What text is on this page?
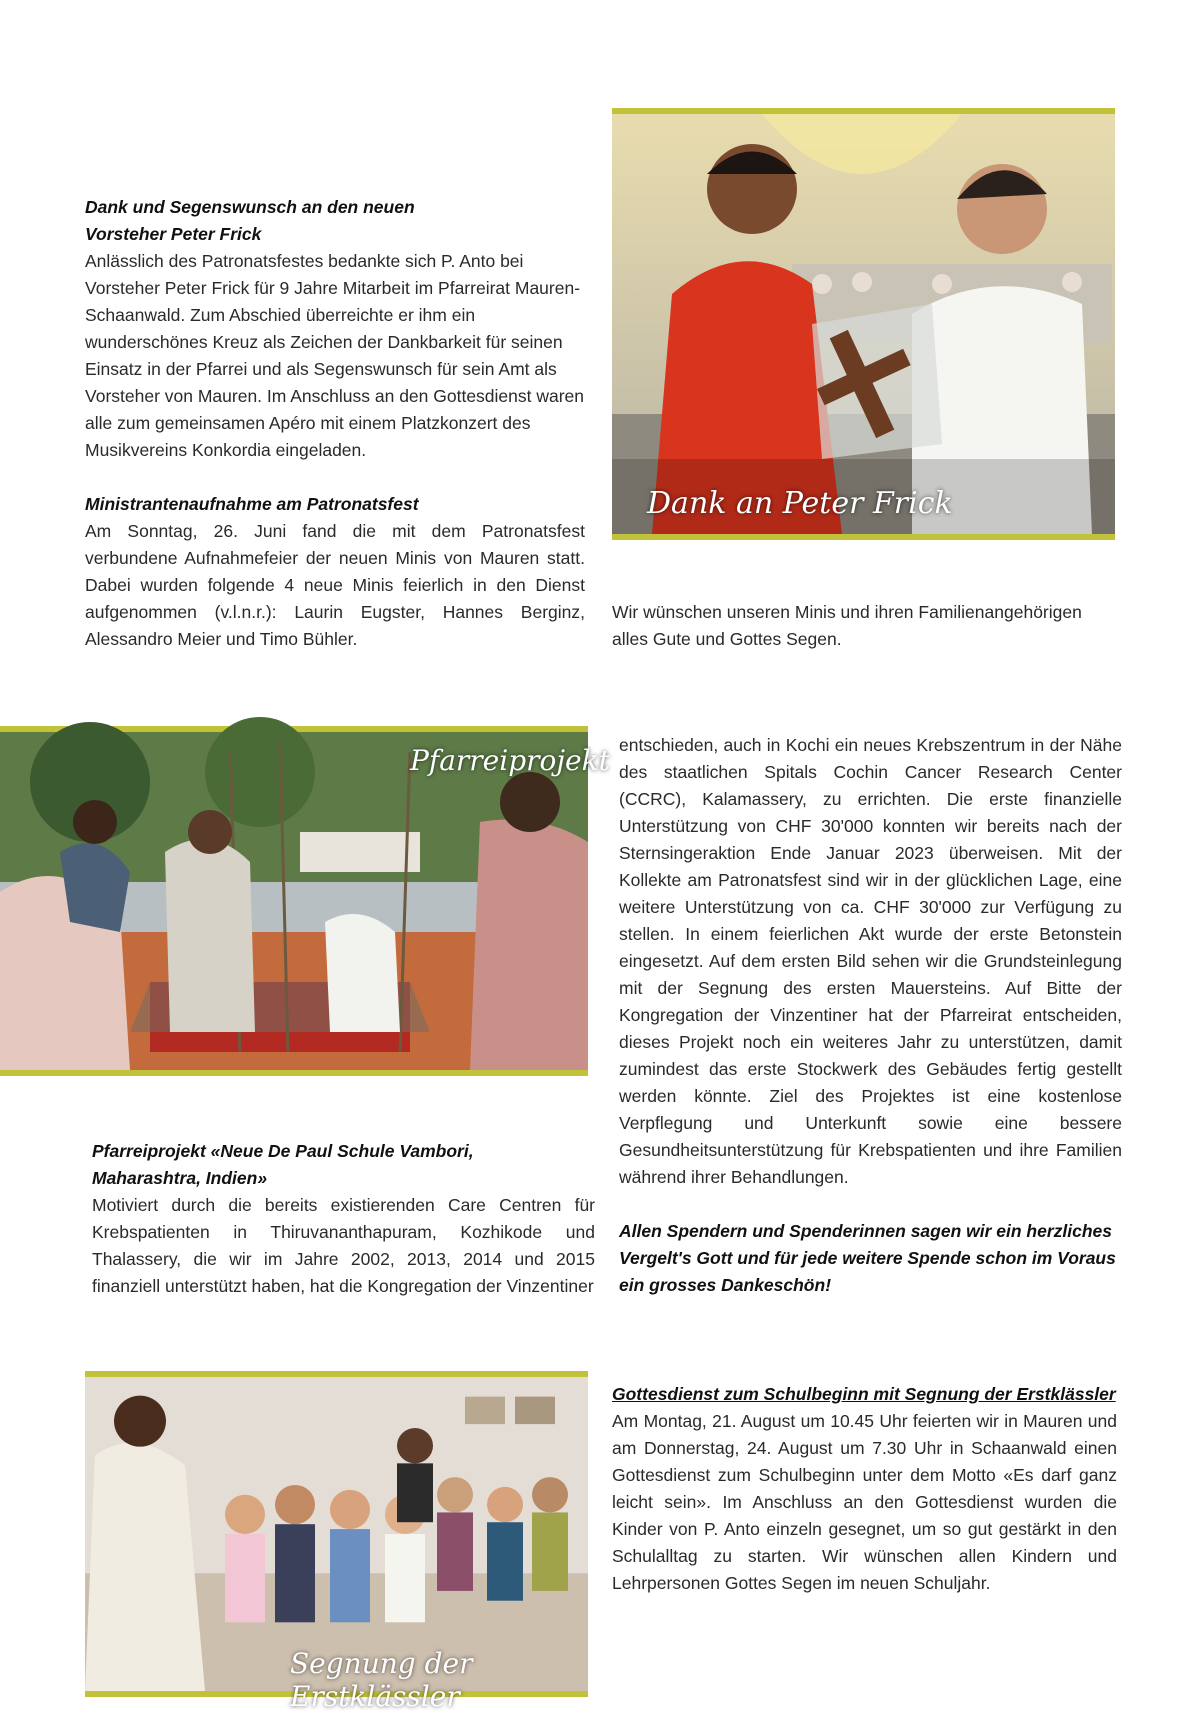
Dank und Segenswunsch an den neuen
Vorsteher Peter Frick

Anlässlich des Patronatsfestes bedankte sich P. Anto bei Vorsteher Peter Frick für 9 Jahre Mitarbeit im Pfarreirat Mauren-Schaanwald. Zum Abschied überreichte er ihm ein wunderschönes Kreuz als Zeichen der Dankbarkeit für seinen Einsatz in der Pfarrei und als Segenswunsch für sein Amt als Vorsteher von Mauren. Im Anschluss an den Gottesdienst waren alle zum gemeinsamen Apéro mit einem Platzkonzert des Musikvereins Konkordia eingeladen.

Ministrantenaufnahme am Patronatsfest

Am Sonntag, 26. Juni fand die mit dem Patronatsfest verbundene Aufnahmefeier der neuen Minis von Mauren statt. Dabei wurden folgende 4 neue Minis feierlich in den Dienst aufgenommen (v.l.n.r.): Laurin Eugster, Hannes Berginz, Alessandro Meier und Timo Bühler.

Dank an Peter Frick

Wir wünschen unseren Minis und ihren Familienangehörigen alles Gute und Gottes Segen.

Pfarreiprojekt
Pfarreiprojekt «Neue De Paul Schule Vambori,
Maharashtra, Indien»

Motiviert durch die bereits existierenden Care Centren für Krebspatienten in Thiruvananthapuram, Kozhikode und Thalassery, die wir im Jahre 2002, 2013, 2014 und 2015 finanziell unterstützt haben, hat die Kongregation der Vinzentiner

entschieden, auch in Kochi ein neues Krebszentrum in der Nähe des staatlichen Spitals Cochin Cancer Research Center (CCRC), Kalamassery, zu errichten. Die erste finanzielle Unterstützung von CHF 30'000 konnten wir bereits nach der Sternsingeraktion Ende Januar 2023 überweisen. Mit der Kollekte am Patronatsfest sind wir in der glücklichen Lage, eine weitere Unterstützung von ca. CHF 30'000 zur Verfügung zu stellen. In einem feierlichen Akt wurde der erste Betonstein eingesetzt. Auf dem ersten Bild sehen wir die Grundsteinlegung mit der Segnung des ersten Mauersteins. Auf Bitte der Kongregation der Vinzentiner hat der Pfarreirat entscheiden, dieses Projekt noch ein weiteres Jahr zu unterstützen, damit zumindest das erste Stockwerk des Gebäudes fertig gestellt werden könnte. Ziel des Projektes ist eine kostenlose Verpflegung und Unterkunft sowie eine bessere Gesundheitsunterstützung für Krebspatienten und ihre Familien während ihrer Behandlungen.

Allen Spendern und Spenderinnen sagen wir ein herzliches Vergelt's Gott und für jede weitere Spende schon im Voraus ein grosses Dankeschön!

Segnung der Erstklässler
Gottesdienst zum Schulbeginn mit Segnung der Erstklässler

Am Montag, 21. August um 10.45 Uhr feierten wir in Mauren und am Donnerstag, 24. August um 7.30 Uhr in Schaanwald einen Gottesdienst zum Schulbeginn unter dem Motto «Es darf ganz leicht sein». Im Anschluss an den Gottesdienst wurden die Kinder von P. Anto einzeln gesegnet, um so gut gestärkt in den Schulalltag zu starten. Wir wünschen allen Kindern und Lehrpersonen Gottes Segen im neuen Schuljahr.
